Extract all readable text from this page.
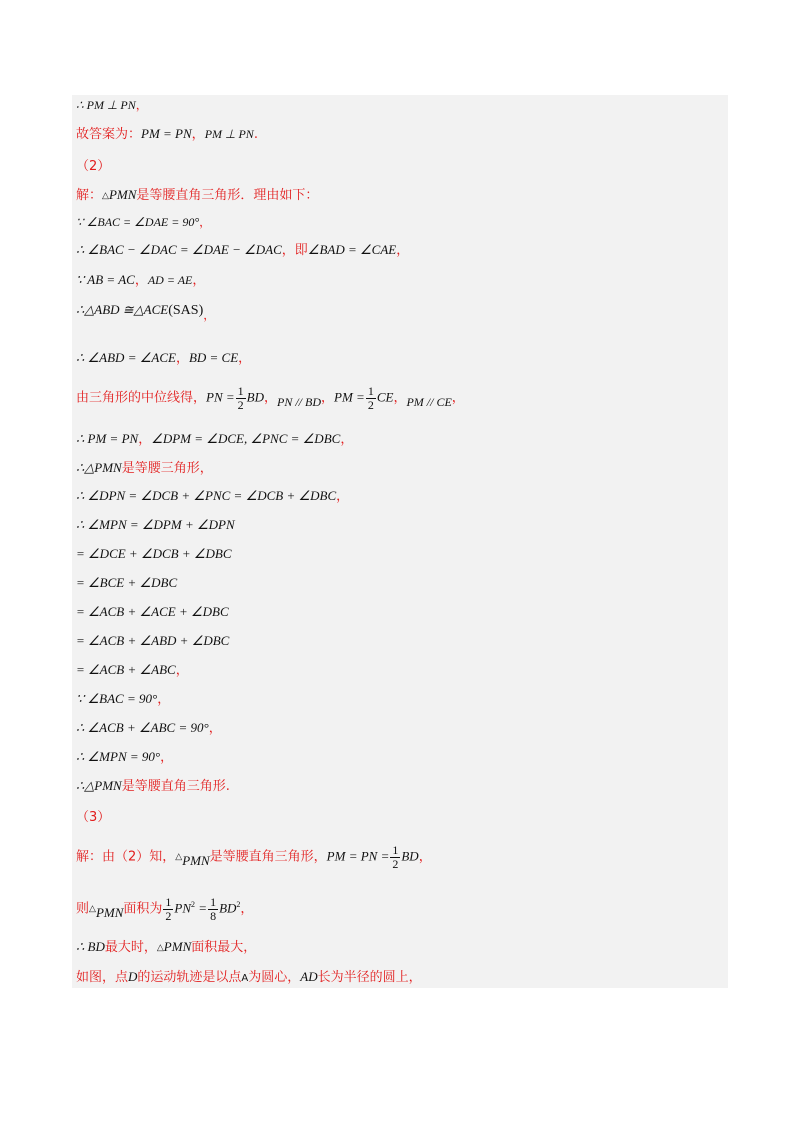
∴ PM ⊥ PN，
故答案为：PM = PN，PM ⊥ PN.
（2）
解：△PMN是等腰直角三角形．理由如下：
∵ ∠BAC = ∠DAE = 90°，
∴ ∠BAC − ∠DAC = ∠DAE − ∠DAC，即∠BAD = ∠CAE，
∵ AB = AC，AD = AE，
∴△ABD ≅△ACE(SAS)，
∴ ∠ABD = ∠ACE，BD = CE，
由三角形的中位线得，PN = $\frac{1}{2}$ BD，PN // BD，PM = $\frac{1}{2}$ CE，PM // CE，
∴ PM = PN，∠DPM = ∠DCE, ∠PNC = ∠DBC，
∴△PMN是等腰三角形，
∴ ∠DPN = ∠DCB + ∠PNC = ∠DCB + ∠DBC，
∴ ∠MPN = ∠DPM + ∠DPN
= ∠DCE + ∠DCB + ∠DBC
= ∠BCE + ∠DBC
= ∠ACB + ∠ACE + ∠DBC
= ∠ACB + ∠ABD + ∠DBC
= ∠ACB + ∠ABC，
∵ ∠BAC = 90°，
∴ ∠ACB + ∠ABC = 90°，
∴ ∠MPN = 90°，
∴△PMN是等腰直角三角形.
（3）
解：由（2）知，△PMN是等腰直角三角形，PM = PN = $\frac{1}{2}$ BD，
则△PMN面积为 $\frac{1}{2} PN^2 = \frac{1}{8} BD^2$，
∴ BD最大时，△PMN面积最大，
如图，点D的运动轨迹是以点A为圆心，AD长为半径的圆上，
